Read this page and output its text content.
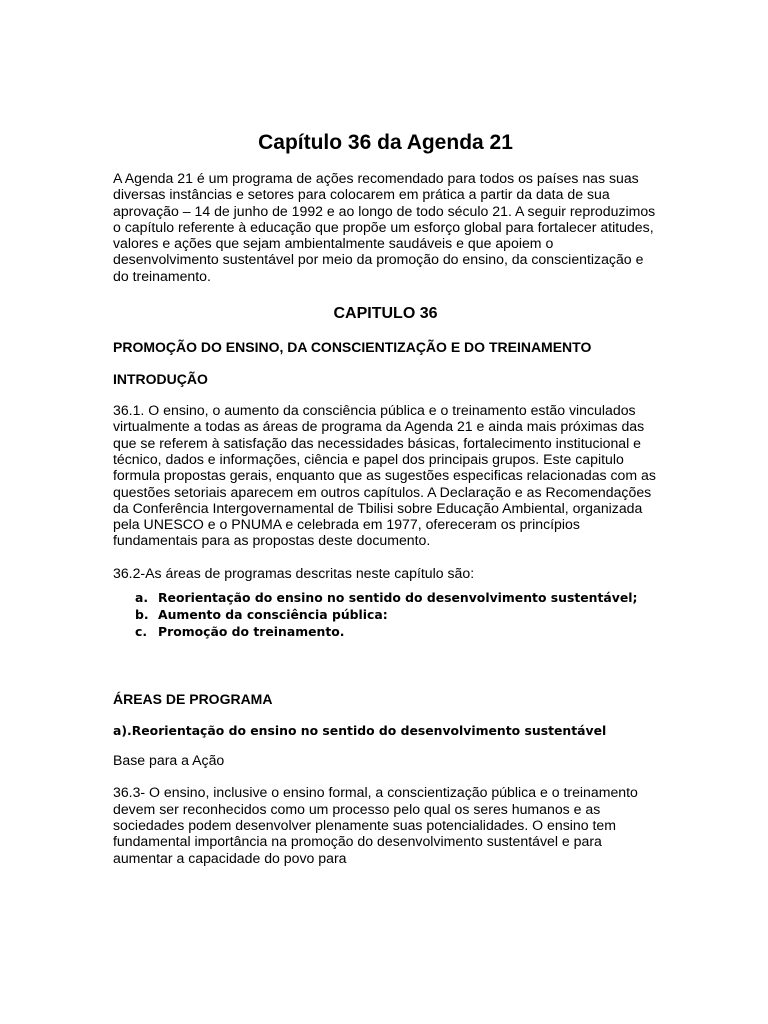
Capítulo 36 da Agenda 21

A Agenda 21 é um programa de ações recomendado para todos os países nas suas diversas instâncias e setores para colocarem em prática a partir da data de sua aprovação – 14 de junho de 1992 e ao longo de todo século 21. A seguir reproduzimos o capítulo referente à educação que propõe um esforço global para fortalecer atitudes, valores e ações que sejam ambientalmente saudáveis e que apoiem o desenvolvimento sustentável por meio da promoção do ensino, da conscientização e do treinamento.

CAPITULO 36
PROMOÇÃO DO ENSINO, DA CONSCIENTIZAÇÃO E DO TREINAMENTO
INTRODUÇÃO

36.1. O ensino, o aumento da consciência pública e o treinamento estão vinculados virtualmente a todas as áreas de programa da Agenda 21 e ainda mais próximas das que se referem à satisfação das necessidades básicas, fortalecimento institucional e técnico, dados e informações, ciência e papel dos principais grupos. Este capitulo formula propostas gerais, enquanto que as sugestões especificas relacionadas com as questões setoriais aparecem em outros capítulos. A Declaração e as Recomendações da Conferência Intergovernamental de Tbilisi sobre Educação Ambiental, organizada pela UNESCO e o PNUMA e celebrada em 1977, ofereceram os princípios fundamentais para as propostas deste documento.

36.2-As áreas de programas descritas neste capítulo são:

a. Reorientação do ensino no sentido do desenvolvimento sustentável;
b. Aumento da consciência pública:
c. Promoção do treinamento.
ÁREAS DE PROGRAMA
a).Reorientação do ensino no sentido do desenvolvimento sustentável

Base para a Ação

36.3- O ensino, inclusive o ensino formal, a conscientização pública e o treinamento devem ser reconhecidos como um processo pelo qual os seres humanos e as sociedades podem desenvolver plenamente suas potencialidades. O ensino tem fundamental importância na promoção do desenvolvimento sustentável e para aumentar a capacidade do povo para
